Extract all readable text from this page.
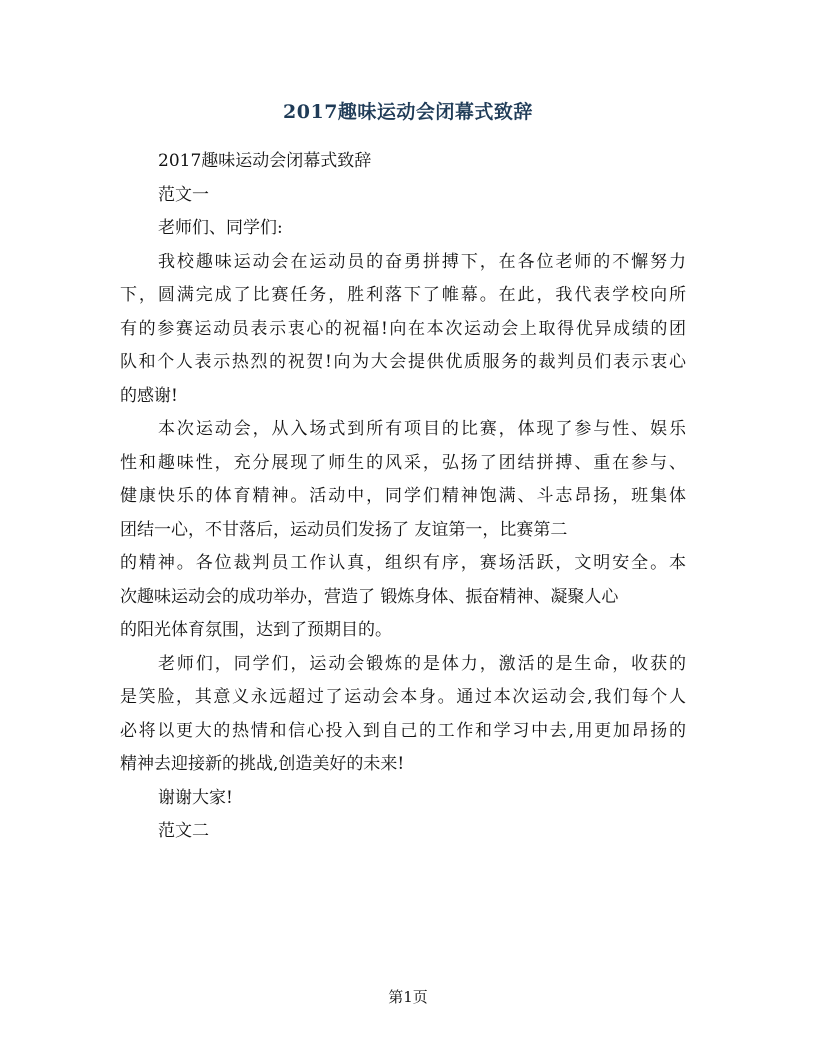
2017趣味运动会闭幕式致辞
2017趣味运动会闭幕式致辞
范文一
老师们、同学们:
我校趣味运动会在运动员的奋勇拼搏下，在各位老师的不懈努力
下，圆满完成了比赛任务，胜利落下了帷幕。在此，我代表学校向所
有的参赛运动员表示衷心的祝福!向在本次运动会上取得优异成绩的团
队和个人表示热烈的祝贺!向为大会提供优质服务的裁判员们表示衷心
的感谢!
本次运动会，从入场式到所有项目的比赛，体现了参与性、娱乐
性和趣味性，充分展现了师生的风采，弘扬了团结拼搏、重在参与、
健康快乐的体育精神。活动中，同学们精神饱满、斗志昂扬，班集体
团结一心，不甘落后，运动员们发扬了 友谊第一，比赛第二
的精神。各位裁判员工作认真，组织有序，赛场活跃，文明安全。本
次趣味运动会的成功举办，营造了 锻炼身体、振奋精神、凝聚人心
的阳光体育氛围，达到了预期目的。
老师们，同学们，运动会锻炼的是体力，激活的是生命，收获的
是笑脸，其意义永远超过了运动会本身。通过本次运动会,我们每个人
必将以更大的热情和信心投入到自己的工作和学习中去,用更加昂扬的
精神去迎接新的挑战,创造美好的未来!
谢谢大家!
范文二
第1页
